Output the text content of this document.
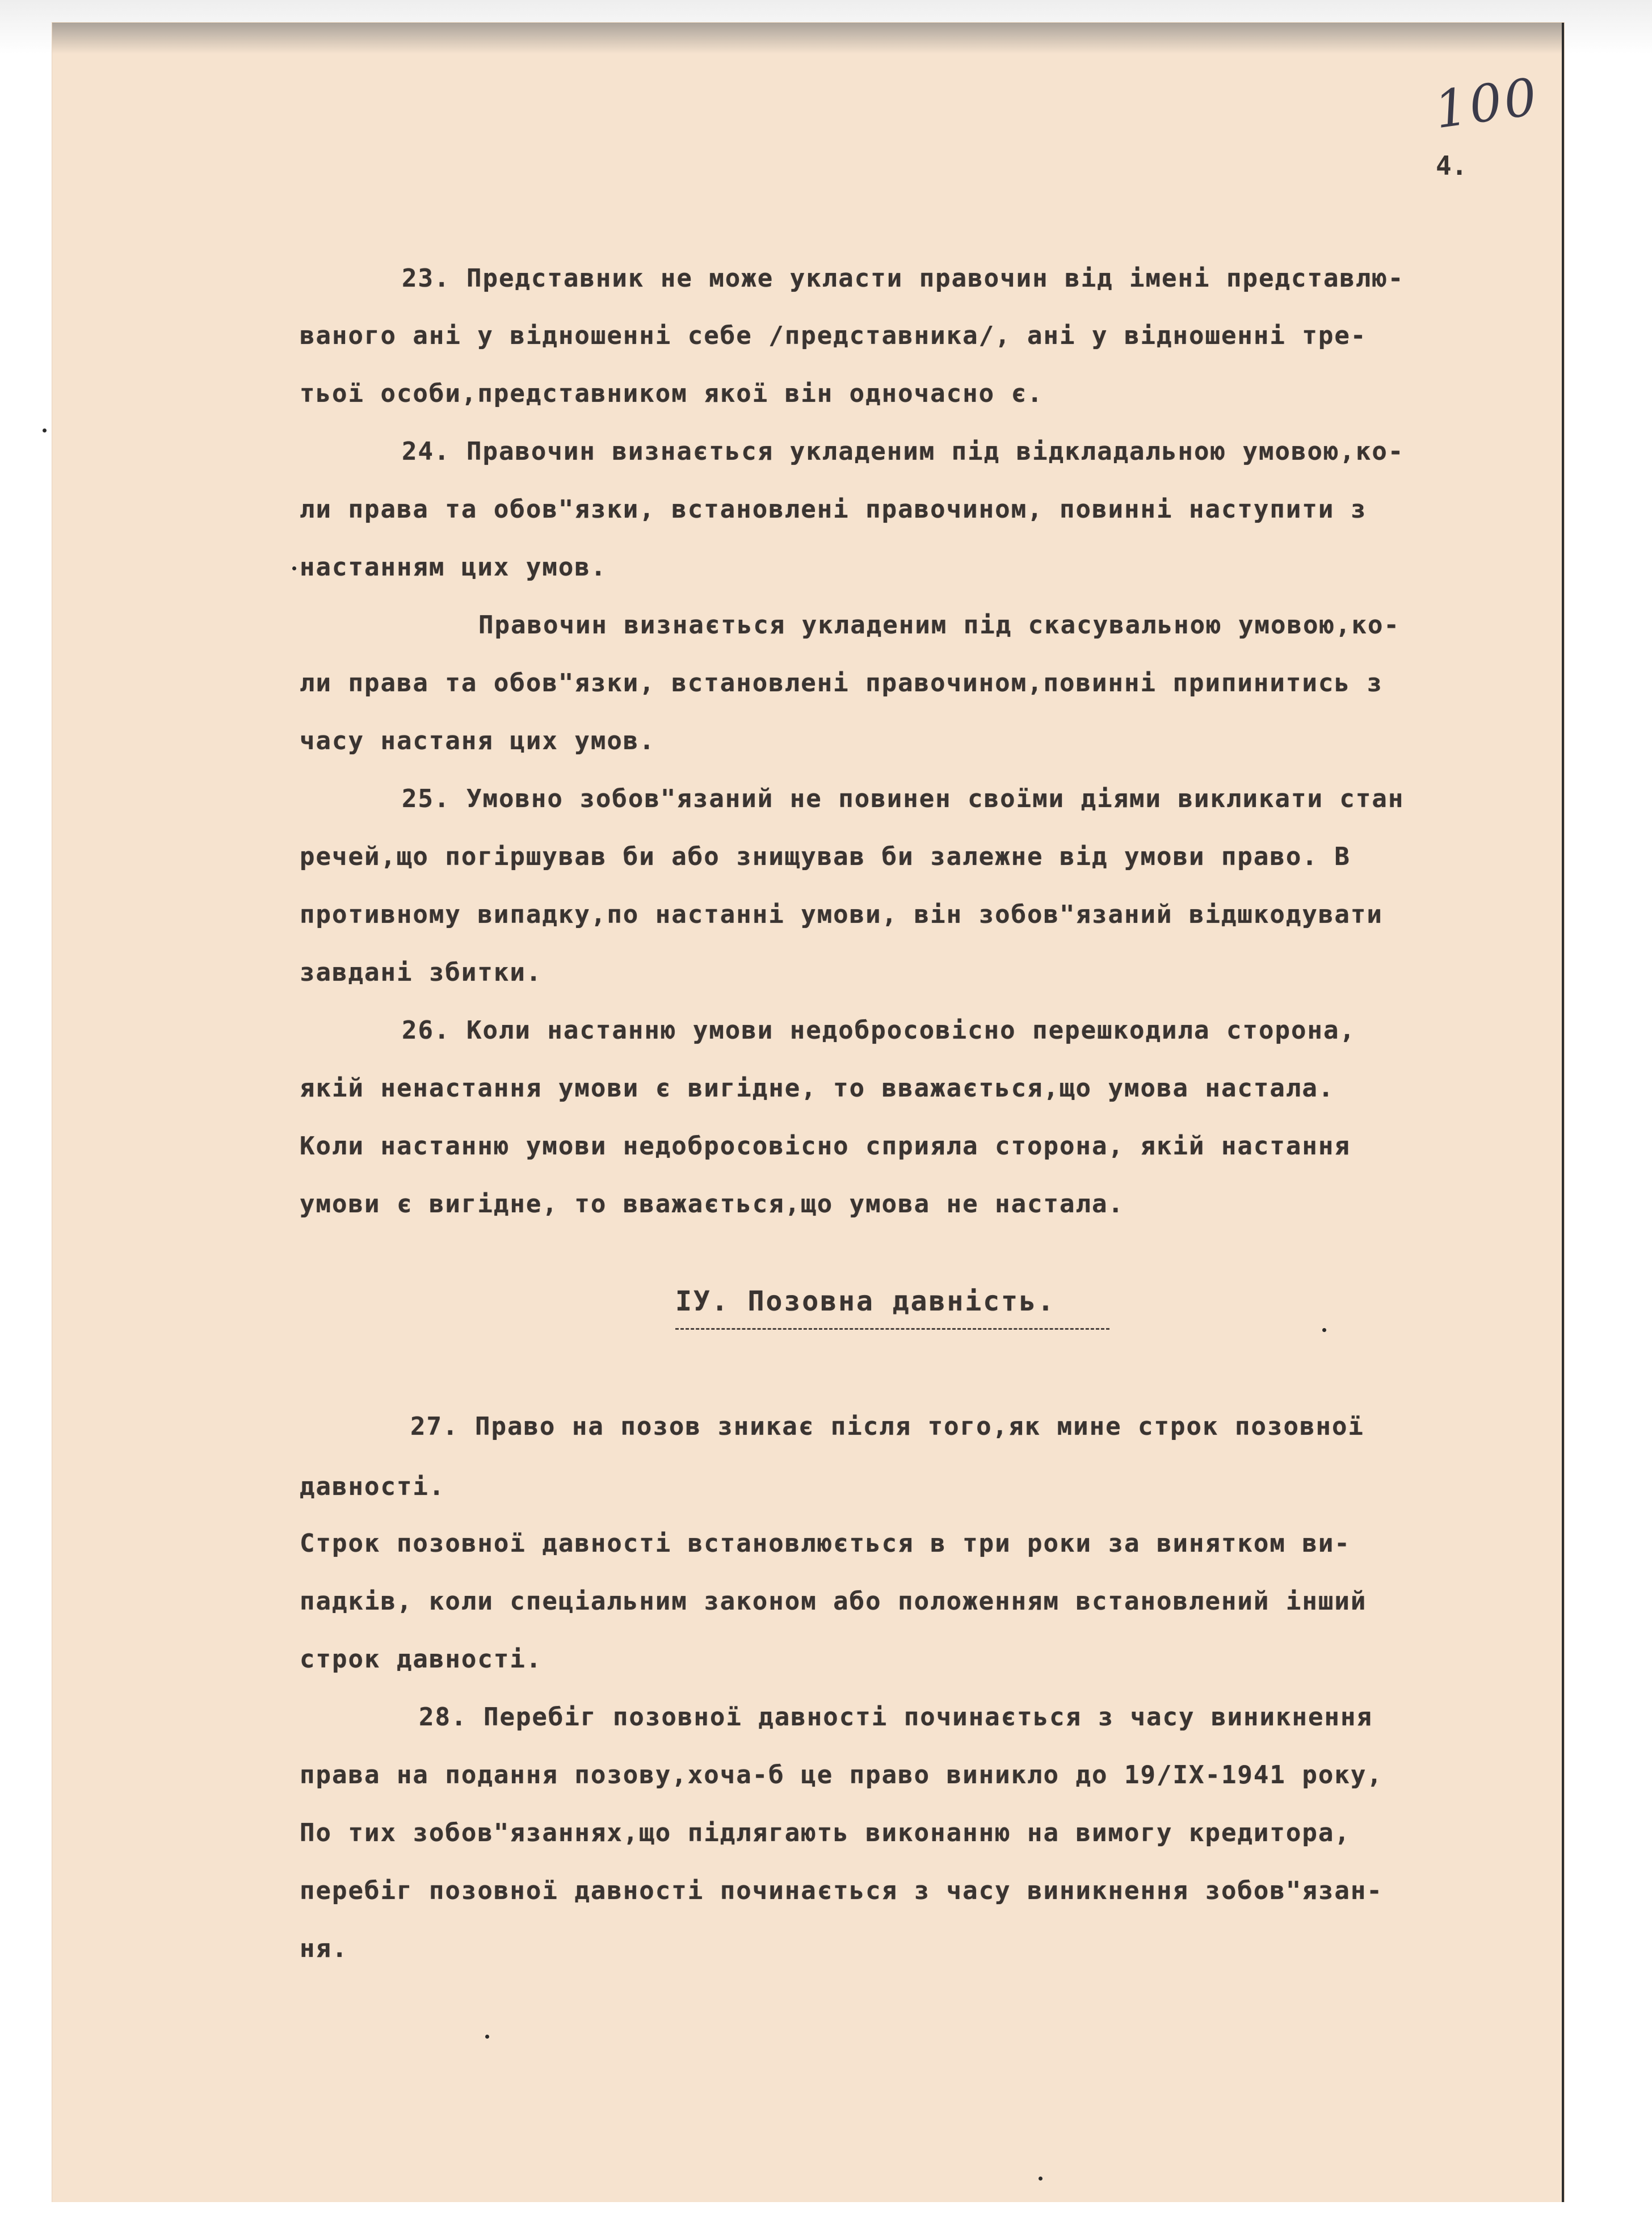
100
4.
23. Представник не може укласти правочин від імені представлю-
ваного ані у відношенні себе /представника/, ані у відношенні тре-
тьої особи,представником якої він одночасно є.
24. Правочин визнається укладеним під відкладальною умовою,ко-
ли права та обов"язки, встановлені правочином, повинні наступити з
настанням цих умов.
Правочин визнається укладеним під скасувальною умовою,ко-
ли права та обов"язки, встановлені правочином,повинні припинитись з
часу настаня цих умов.
25. Умовно зобов"язаний не повинен своїми діями викликати стан
речей,що погіршував би або знищував би залежне від умови право. В
противному випадку,по настанні умови, він зобов"язаний відшкодувати
завдані збитки.
26. Коли настанню умови недобросовісно перешкодила сторона,
якій ненастання умови є вигідне, то вважається,що умова настала.
Коли настанню умови недобросовісно сприяла сторона, якій настання
умови є вигідне, то вважається,що умова не настала.
IУ. Позовна давність.
27. Право на позов зникає після того,як мине строк позовної
давності.
Строк позовної давності встановлюється в три роки за винятком ви-
падків, коли спеціальним законом або положенням встановлений інший
строк давності.
28. Перебіг позовної давності починається з часу виникнення
права на подання позову,хоча-б це право виникло до 19/ІХ-1941 року,
По тих зобов"язаннях,що підлягають виконанню на вимогу кредитора,
перебіг позовної давності починається з часу виникнення зобов"язан-
ня.
